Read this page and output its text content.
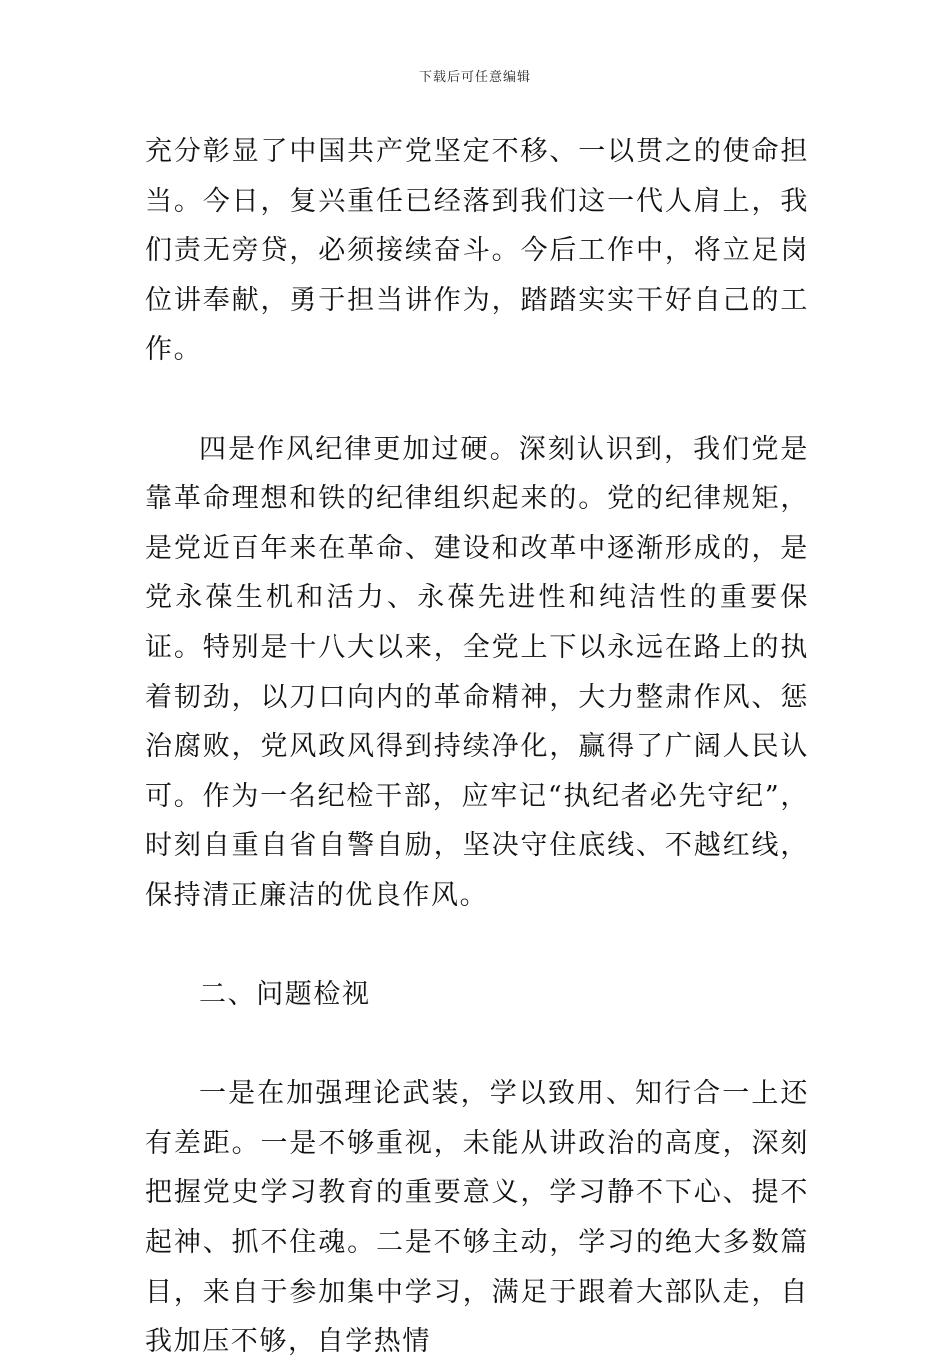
下载后可任意编辑

充分彰显了中国共产党坚定不移、一以贯之的使命担当。今日，复兴重任已经落到我们这一代人肩上，我们责无旁贷，必须接续奋斗。今后工作中，将立足岗位讲奉献，勇于担当讲作为，踏踏实实干好自己的工作。

四是作风纪律更加过硬。深刻认识到，我们党是靠革命理想和铁的纪律组织起来的。党的纪律规矩，是党近百年来在革命、建设和改革中逐渐形成的，是党永葆生机和活力、永葆先进性和纯洁性的重要保证。特别是十八大以来，全党上下以永远在路上的执着韧劲，以刀口向内的革命精神，大力整肃作风、惩治腐败，党风政风得到持续净化，赢得了广阔人民认可。作为一名纪检干部，应牢记“执纪者必先守纪”，时刻自重自省自警自励，坚决守住底线、不越红线，保持清正廉洁的优良作风。

二、问题检视

一是在加强理论武装，学以致用、知行合一上还有差距。一是不够重视，未能从讲政治的高度，深刻把握党史学习教育的重要意义，学习静不下心、提不起神、抓不住魂。二是不够主动，学习的绝大多数篇目，来自于参加集中学习，满足于跟着大部队走，自我加压不够，自学热情
